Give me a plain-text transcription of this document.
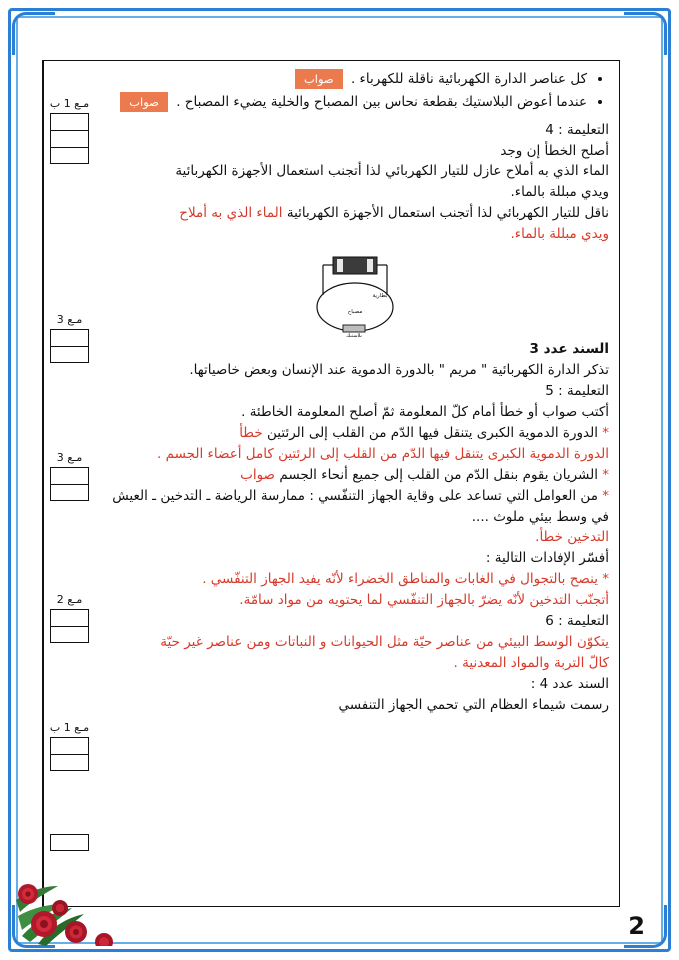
• كل عناصر الدارة الكهربائية ناقلة للكهرباء . صواب
• عندما أعوض البلاستيك بقطعة نحاس بين المصباح والخلية يضيء المصباح . صواب

التعليمة : 4

أصلح الخطأ إن وجد

الماء الذي به أملاح عازل للتيار الكهربائي لذا أتجنب استعمال الأجهزة الكهربائية

ويدي مبللة بالماء.

ناقل للتيار الكهربائي لذا أتجنب استعمال الأجهزة الكهربائية الماء الذي به أملاح

ويدي مبللة بالماء.

بطارية
مصباح
بلاستيك

السند عدد 3

تذكر الدارة الكهربائية " مريم " بالدورة الدموية عند الإنسان وبعض خاصياتها.

التعليمة : 5

أكتب صواب أو خطأ أمام كلّ المعلومة ثمّ أصلح المعلومة الخاطئة .

* الدورة الدموية الكبرى يتنقل فيها الدّم من القلب إلى الرئتين خطأ

الدورة الدموية الكبرى يتنقل فيها الدّم من القلب إلى الرئتين كامل أعضاء الجسم .

* الشريان يقوم بنقل الدّم من القلب إلى جميع أنحاء الجسم صواب

* من العوامل التي تساعد على وقاية الجهاز التنفّسي : ممارسة الرياضة ـ التدخين ـ العيش في وسط بيئي ملوث ....

التدخين خطأ.

أفسّر الإفادات التالية :

* ينصح بالتجوال في الغابات والمناطق الخضراء لأنّه يفيد الجهاز التنفّسي .

أتجنّب التدخين لأنّه يضرّ بالجهاز التنفّسي لما يحتويه من مواد سامّة.

التعليمة : 6

يتكوّن الوسط البيئي من عناصر حيّة مثل الحيوانات و النباتات ومن عناصر غير حيّة

كالّ التربة والمواد المعدنية .

السند عدد 4 :

رسمت شيماء العظام التي تحمي الجهاز التنفسي

مـع 1 ب
مـع 3
مـع 3
مـع 2
مـع 1 ب
2
